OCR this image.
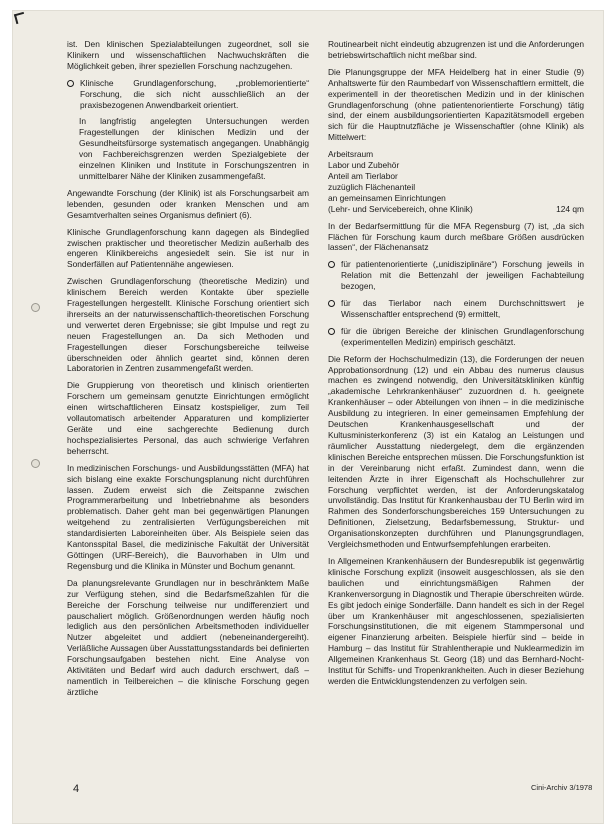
ist. Den klinischen Spezialabteilungen zugeordnet, soll sie Klinikern und wissenschaftlichen Nachwuchskräften die Möglichkeit geben, ihrer speziellen Forschung nachzugehen.

Klinische Grundlagenforschung, „problemorientierte“ Forschung, die sich nicht ausschließlich an der praxisbezogenen Anwendbarkeit orientiert.

In langfristig angelegten Untersuchungen werden Fragestellungen der klinischen Medizin und der Gesundheitsfürsorge systematisch angegangen. Unabhängig von Fachbereichsgrenzen werden Spezialgebiete der einzelnen Kliniken und Institute in Forschungszentren in unmittelbarer Nähe der Kliniken zusammengefaßt.

Angewandte Forschung (der Klinik) ist als Forschungsarbeit am lebenden, gesunden oder kranken Menschen und am Gesamtverhalten seines Organismus definiert (6).

Klinische Grundlagenforschung kann dagegen als Bindeglied zwischen praktischer und theoretischer Medizin außerhalb des engeren Klinikbereichs angesiedelt sein. Sie ist nur in Sonderfällen auf Patientennähe angewiesen.

Zwischen Grundlagenforschung (theoretische Medizin) und klinischem Bereich werden Kontakte über spezielle Fragestellungen hergestellt. Klinische Forschung orientiert sich ihrerseits an der naturwissenschaftlich-theoretischen Forschung und verwertet deren Ergebnisse; sie gibt Impulse und regt zu neuen Fragestellungen an. Da sich Methoden und Fragestellungen dieser Forschungsbereiche teilweise überschneiden oder ähnlich geartet sind, können deren Laboratorien in Zentren zusammengefaßt werden.

Die Gruppierung von theoretisch und klinisch orientierten Forschern um gemeinsam genutzte Einrichtungen ermöglicht einen wirtschaftlicheren Einsatz kostspieliger, zum Teil vollautomatisch arbeitender Apparaturen und komplizierter Geräte und eine sachgerechte Bedienung durch hochspezialisiertes Personal, das auch schwierige Verfahren beherrscht.

In medizinischen Forschungs- und Ausbildungsstätten (MFA) hat sich bislang eine exakte Forschungsplanung nicht durchführen lassen. Zudem erweist sich die Zeitspanne zwischen Programmerarbeitung und Inbetriebnahme als besonders problematisch. Daher geht man bei gegenwärtigen Planungen weitgehend zu zentralisierten Verfügungsbereichen mit standardisierten Laboreinheiten über. Als Beispiele seien das Kantonsspital Basel, die medizinische Fakultät der Universität Göttingen (URF-Bereich), die Bauvorhaben in Ulm und Regensburg und die Klinika in Münster und Bochum genannt.

Da planungsrelevante Grundlagen nur in beschränktem Maße zur Verfügung stehen, sind die Bedarfsmeßzahlen für die Bereiche der Forschung teilweise nur undifferenziert und pauschaliert möglich. Größenordnungen werden häufig noch lediglich aus den persönlichen Arbeitsmethoden individueller Nutzer abgeleitet und addiert (nebeneinandergereiht). Verläßliche Aussagen über Ausstattungsstandards bei definierten Forschungsaufgaben bestehen nicht. Eine Analyse von Aktivitäten und Bedarf wird auch dadurch erschwert, daß – namentlich in Teilbereichen – die klinische Forschung gegen ärztliche

Routinearbeit nicht eindeutig abzugrenzen ist und die Anforderungen betriebswirtschaftlich nicht meßbar sind.

Die Planungsgruppe der MFA Heidelberg hat in einer Studie (9) Anhaltswerte für den Raumbedarf von Wissenschaftlern ermittelt, die experimentell in der theoretischen Medizin und in der klinischen Grundlagenforschung (ohne patientenorientierte Forschung) tätig sind, der einem ausbildungsorientierten Kapazitätsmodell ergeben sich für die Hauptnutzfläche je Wissenschaftler (ohne Klinik) als Mittelwert:

Arbeitsraum
Labor und Zubehör
Anteil am Tierlabor
zuzüglich Flächenanteil
an gemeinsamen Einrichtungen
(Lehr- und Servicebereich, ohne Klinik)	124 qm

In der Bedarfsermittlung für die MFA Regensburg (7) ist, „da sich Flächen für Forschung kaum durch meßbare Größen ausdrücken lassen“, der Flächenansatz

für patientenorientierte („unidisziplinäre“) Forschung jeweils in Relation mit die Bettenzahl der jeweiligen Fachabteilung bezogen,
für das Tierlabor nach einem Durchschnittswert je Wissenschaftler entsprechend (9) ermittelt,
für die übrigen Bereiche der klinischen Grundlagenforschung (experimentellen Medizin) empirisch geschätzt.

Die Reform der Hochschulmedizin (13), die Forderungen der neuen Approbationsordnung (12) und ein Abbau des numerus clausus machen es zwingend notwendig, den Universitätskliniken künftig „akademische Lehrkrankenhäuser“ zuzuordnen d. h. geeignete Krankenhäuser – oder Abteilungen von ihnen – in die medizinische Ausbildung zu integrieren. In einer gemeinsamen Empfehlung der Deutschen Krankenhausgesellschaft und der Kultusministerkonferenz (3) ist ein Katalog an Leistungen und räumlicher Ausstattung niedergelegt, dem die ergänzenden klinischen Bereiche entsprechen müssen. Die Forschungsfunktion ist in der Vereinbarung nicht erfaßt. Zumindest dann, wenn die leitenden Ärzte in ihrer Eigenschaft als Hochschullehrer zur Forschung verpflichtet werden, ist der Anforderungskatalog unvollständig. Das Institut für Krankenhausbau der TU Berlin wird im Rahmen des Sonderforschungsbereiches 159 Untersuchungen zu Definitionen, Zielsetzung, Bedarfsbemessung, Struktur- und Organisationskonzepten durchführen und Planungsgrundlagen, Vergleichsmethoden und Entwurfsempfehlungen erarbeiten.

In Allgemeinen Krankenhäusern der Bundesrepublik ist gegenwärtig klinische Forschung explizit (insoweit ausgeschlossen, als sie den baulichen und einrichtungsmäßigen Rahmen der Krankenversorgung in Diagnostik und Therapie überschreiten würde. Es gibt jedoch einige Sonderfälle. Dann handelt es sich in der Regel über um Krankenhäuser mit angeschlossenen, spezialisierten Forschungsinstitutionen, die mit eigenem Stammpersonal und eigener Finanzierung arbeiten. Beispiele hierfür sind – beide in Hamburg – das Institut für Strahlentherapie und Nuklearmedizin im Allgemeinen Krankenhaus St. Georg (18) und das Bernhard-Nocht-Institut für Schiffs- und Tropenkrankheiten. Auch in dieser Beziehung werden die Entwicklungstendenzen zu verfolgen sein.

4	Cini-Archiv 3/1978
